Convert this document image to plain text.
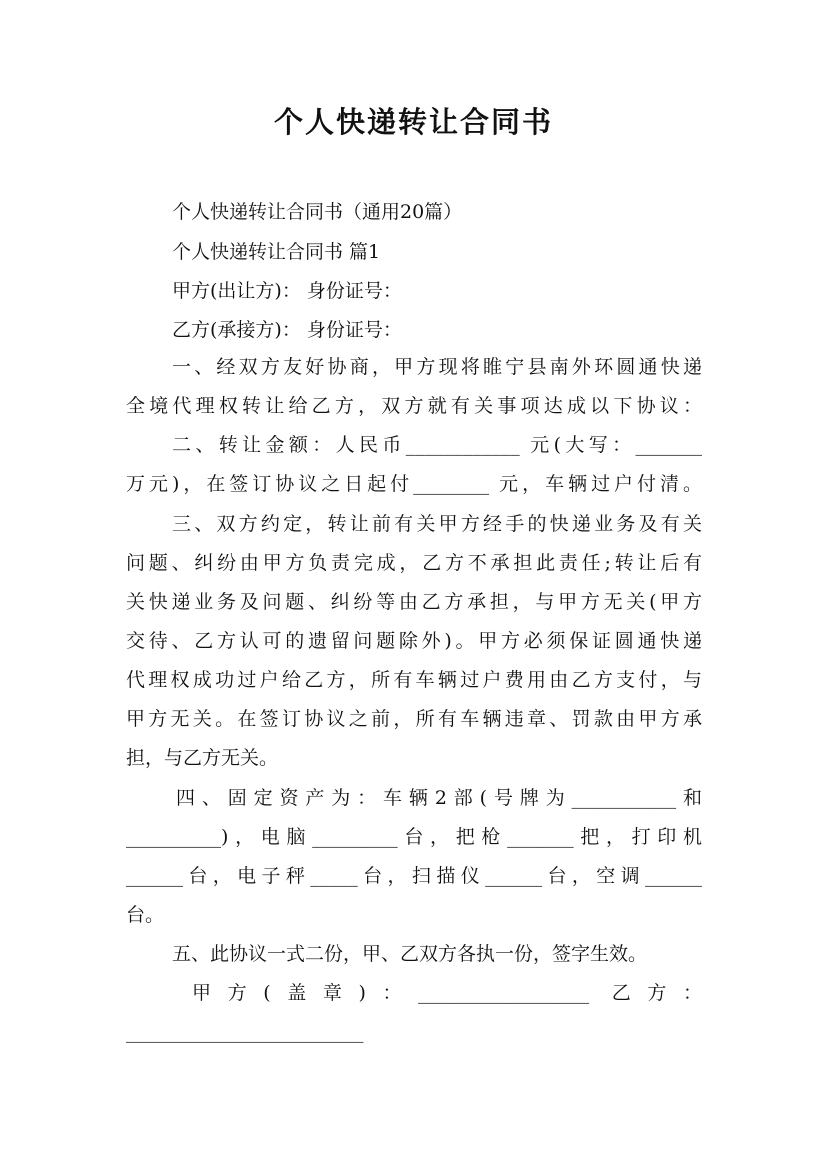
个人快递转让合同书
个人快递转让合同书（通用20篇）
个人快递转让合同书 篇1
甲方(出让方)： 身份证号：
乙方(承接方)： 身份证号：
一、经双方友好协商，甲方现将睢宁县南外环圆通快递
全境代理权转让给乙方，双方就有关事项达成以下协议：
二、转让金额：人民币____________ 元(大写：_______
万元)，在签订协议之日起付________ 元，车辆过户付清。
三、双方约定，转让前有关甲方经手的快递业务及有关
问题、纠纷由甲方负责完成，乙方不承担此责任;转让后有
关快递业务及问题、纠纷等由乙方承担，与甲方无关(甲方
交待、乙方认可的遗留问题除外)。甲方必须保证圆通快递
代理权成功过户给乙方，所有车辆过户费用由乙方支付，与
甲方无关。在签订协议之前，所有车辆违章、罚款由甲方承
担，与乙方无关。
四、固定资产为：车辆2部(号牌为___________和
__________)，电脑_________台，把枪_______把，打印机
______台，电子秤_____台，扫描仪______台，空调______
台。
五、此协议一式二份，甲、乙双方各执一份，签字生效。
甲方(盖章)：__________________ 乙方：
_________________________
